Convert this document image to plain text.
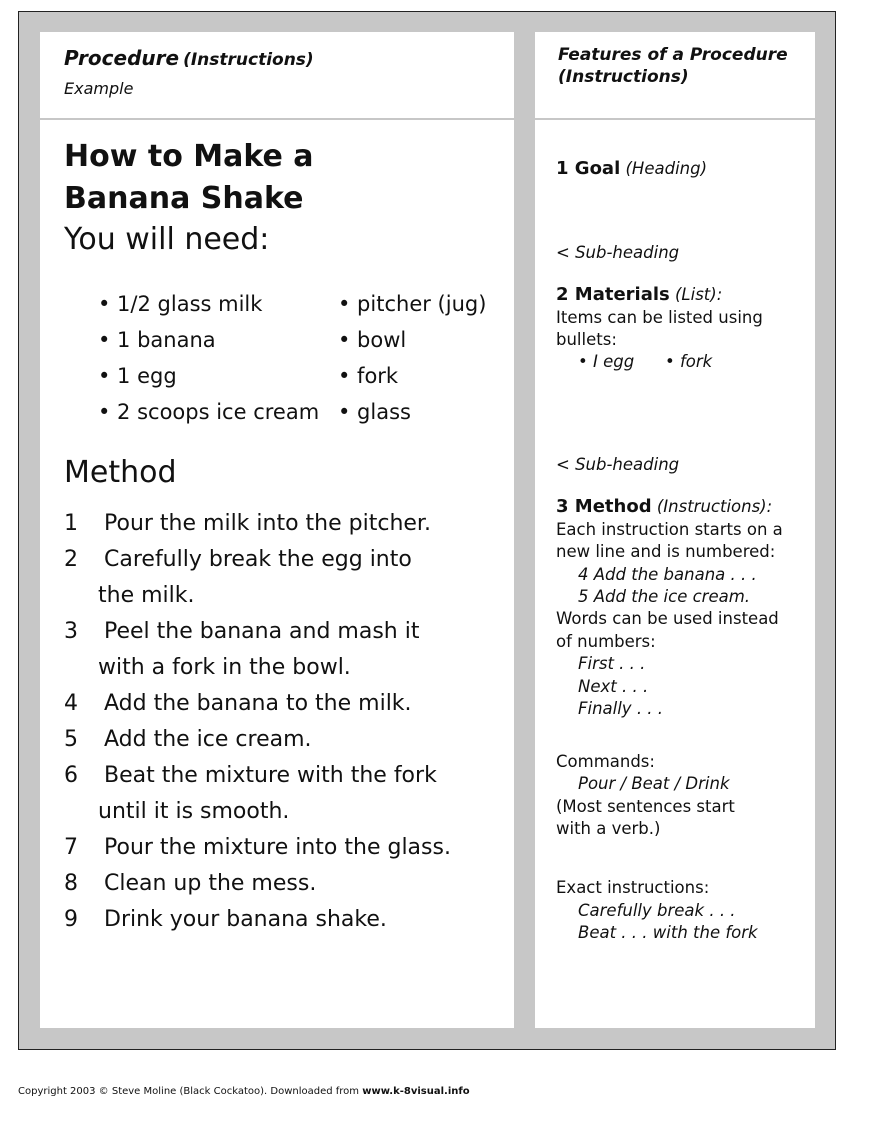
Procedure (Instructions)
Example
Features of a Procedure (Instructions)
How to Make a
Banana Shake
You will need:
• 1/2 glass milk
• 1 banana
• 1 egg
• 2 scoops ice cream
• pitcher (jug)
• bowl
• fork
• glass
Method
1 Pour the milk into the pitcher.
2 Carefully break the egg into
the milk.
3 Peel the banana and mash it
with a fork in the bowl.
4 Add the banana to the milk.
5 Add the ice cream.
6 Beat the mixture with the fork
until it is smooth.
7 Pour the mixture into the glass.
8 Clean up the mess.
9 Drink your banana shake.
1 Goal (Heading)
< Sub-heading
2 Materials (List):
Items can be listed using
bullets:
• I egg • fork
< Sub-heading
3 Method (Instructions):
Each instruction starts on a
new line and is numbered:
4 Add the banana . . .
5 Add the ice cream.
Words can be used instead
of numbers:
First . . .
Next . . .
Finally . . .
Commands:
Pour / Beat / Drink
(Most sentences start
with a verb.)
Exact instructions:
Carefully break . . .
Beat . . . with the fork
Copyright 2003 © Steve Moline (Black Cockatoo). Downloaded from www.k-8visual.info
